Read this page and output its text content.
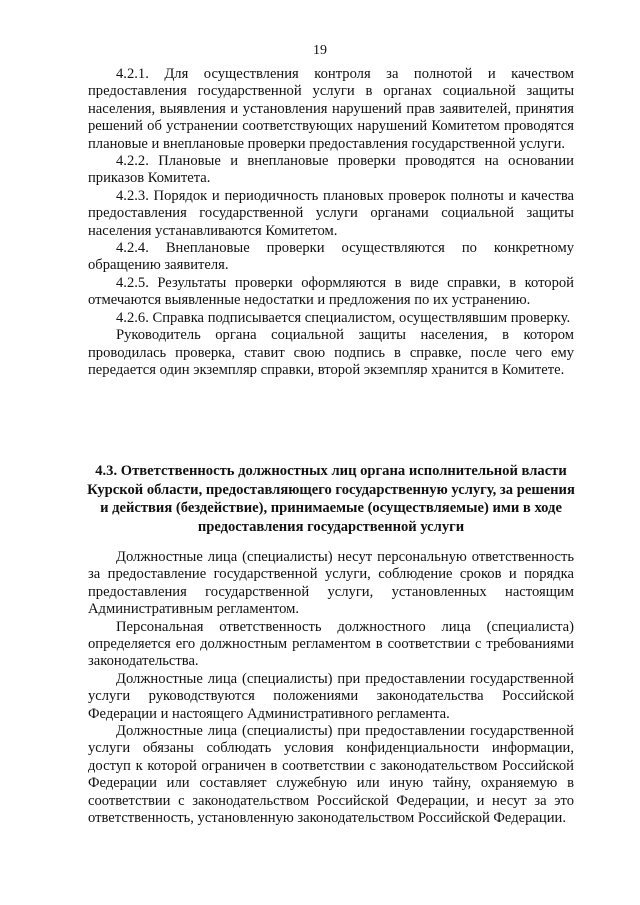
19

4.2.1. Для осуществления контроля за полнотой и качеством предоставления государственной услуги в органах социальной защиты населения, выявления и установления нарушений прав заявителей, принятия решений об устранении соответствующих нарушений Комитетом проводятся плановые и внеплановые проверки предоставления государственной услуги.

4.2.2. Плановые и внеплановые проверки проводятся на основании приказов Комитета.

4.2.3. Порядок и периодичность плановых проверок полноты и качества предоставления государственной услуги органами социальной защиты населения устанавливаются Комитетом.

4.2.4. Внеплановые проверки осуществляются по конкретному обращению заявителя.

4.2.5. Результаты проверки оформляются в виде справки, в которой отмечаются выявленные недостатки и предложения по их устранению.

4.2.6. Справка подписывается специалистом, осуществлявшим проверку.

Руководитель органа социальной защиты населения, в котором проводилась проверка, ставит свою подпись в справке, после чего ему передается один экземпляр справки, второй экземпляр хранится в Комитете.

4.3. Ответственность должностных лиц органа исполнительной власти Курской области, предоставляющего государственную услугу, за решения и действия (бездействие), принимаемые (осуществляемые) ими в ходе предоставления государственной услуги

Должностные лица (специалисты) несут персональную ответственность за предоставление государственной услуги, соблюдение сроков и порядка предоставления государственной услуги, установленных настоящим Административным регламентом.

Персональная ответственность должностного лица (специалиста) определяется его должностным регламентом в соответствии с требованиями законодательства.

Должностные лица (специалисты) при предоставлении государственной услуги руководствуются положениями законодательства Российской Федерации и настоящего Административного регламента.

Должностные лица (специалисты) при предоставлении государственной услуги обязаны соблюдать условия конфиденциальности информации, доступ к которой ограничен в соответствии с законодательством Российской Федерации или составляет служебную или иную тайну, охраняемую в соответствии с законодательством Российской Федерации, и несут за это ответственность, установленную законодательством Российской Федерации.
